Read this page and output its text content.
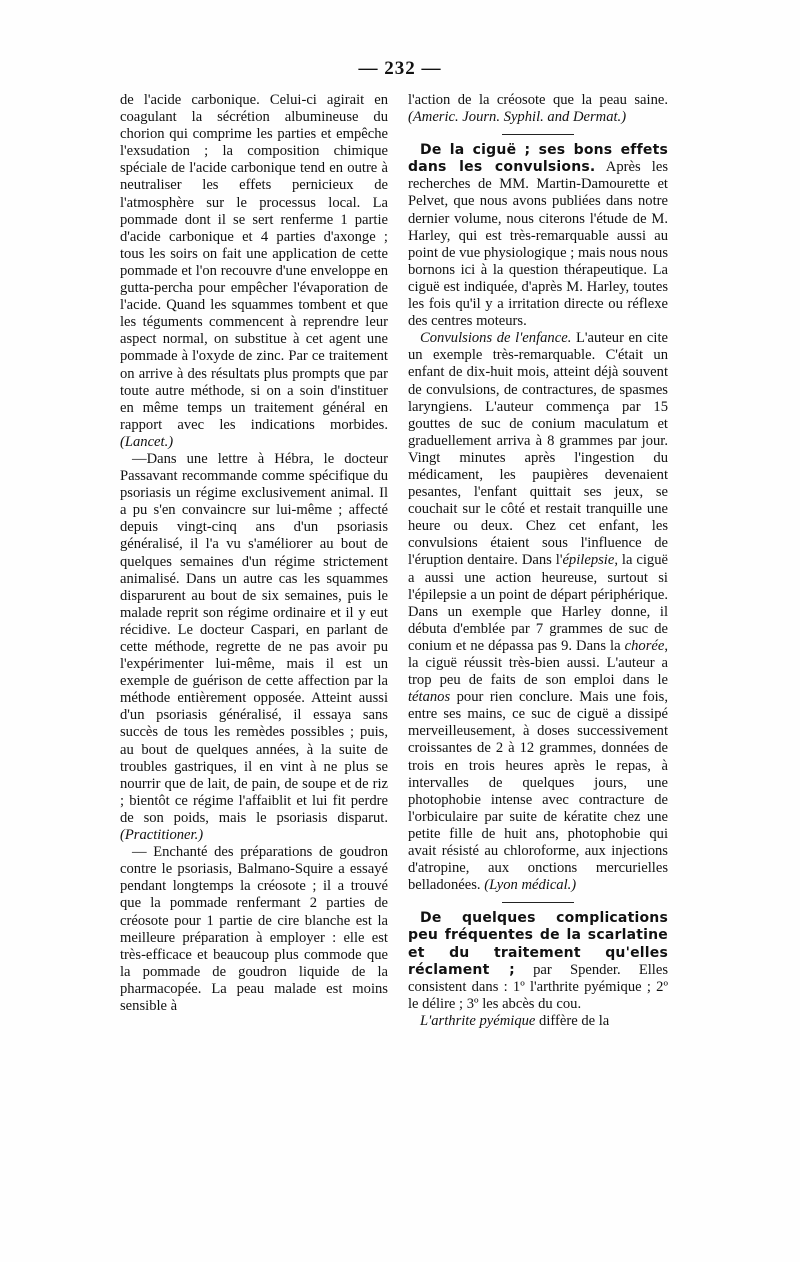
— 232 —

de l'acide carbonique. Celui-ci agirait en coagulant la sécrétion albumineuse du chorion qui comprime les parties et empêche l'exsudation ; la composition chimique spéciale de l'acide carbonique tend en outre à neutraliser les effets pernicieux de l'atmosphère sur le processus local. La pommade dont il se sert renferme 1 partie d'acide carbonique et 4 parties d'axonge ; tous les soirs on fait une application de cette pommade et l'on recouvre d'une enveloppe en gutta-percha pour empêcher l'évaporation de l'acide. Quand les squammes tombent et que les téguments commencent à reprendre leur aspect normal, on substitue à cet agent une pommade à l'oxyde de zinc. Par ce traitement on arrive à des résultats plus prompts que par toute autre méthode, si on a soin d'instituer en même temps un traitement général en rapport avec les indications morbides. (Lancet.)

—Dans une lettre à Hébra, le docteur Passavant recommande comme spécifique du psoriasis un régime exclusivement animal. Il a pu s'en convaincre sur lui-même ; affecté depuis vingt-cinq ans d'un psoriasis généralisé, il l'a vu s'améliorer au bout de quelques semaines d'un régime strictement animalisé. Dans un autre cas les squammes disparurent au bout de six semaines, puis le malade reprit son régime ordinaire et il y eut récidive. Le docteur Caspari, en parlant de cette méthode, regrette de ne pas avoir pu l'expérimenter lui-même, mais il est un exemple de guérison de cette affection par la méthode entièrement opposée. Atteint aussi d'un psoriasis généralisé, il essaya sans succès de tous les remèdes possibles ; puis, au bout de quelques années, à la suite de troubles gastriques, il en vint à ne plus se nourrir que de lait, de pain, de soupe et de riz ; bientôt ce régime l'affaiblit et lui fit perdre de son poids, mais le psoriasis disparut. (Practitioner.)

— Enchanté des préparations de goudron contre le psoriasis, Balmano-Squire a essayé pendant longtemps la créosote ; il a trouvé que la pommade renfermant 2 parties de créosote pour 1 partie de cire blanche est la meilleure préparation à employer : elle est très-efficace et beaucoup plus commode que la pommade de goudron liquide de la pharmacopée. La peau malade est moins sensible à

l'action de la créosote que la peau saine. (Americ. Journ. Syphil. and Dermat.)

De la ciguë ; ses bons effets dans les convulsions. Après les recherches de MM. Martin-Damourette et Pelvet, que nous avons publiées dans notre dernier volume, nous citerons l'étude de M. Harley, qui est très-remarquable aussi au point de vue physiologique ; mais nous nous bornons ici à la question thérapeutique. La ciguë est indiquée, d'après M. Harley, toutes les fois qu'il y a irritation directe ou réflexe des centres moteurs.

Convulsions de l'enfance. L'auteur en cite un exemple très-remarquable. C'était un enfant de dix-huit mois, atteint déjà souvent de convulsions, de contractures, de spasmes laryngiens. L'auteur commença par 15 gouttes de suc de conium maculatum et graduellement arriva à 8 grammes par jour. Vingt minutes après l'ingestion du médicament, les paupières devenaient pesantes, l'enfant quittait ses jeux, se couchait sur le côté et restait tranquille une heure ou deux. Chez cet enfant, les convulsions étaient sous l'influence de l'éruption dentaire. Dans l'épilepsie, la ciguë a aussi une action heureuse, surtout si l'épilepsie a un point de départ périphérique. Dans un exemple que Harley donne, il débuta d'emblée par 7 grammes de suc de conium et ne dépassa pas 9. Dans la chorée, la ciguë réussit très-bien aussi. L'auteur a trop peu de faits de son emploi dans le tétanos pour rien conclure. Mais une fois, entre ses mains, ce suc de ciguë a dissipé merveilleusement, à doses successivement croissantes de 2 à 12 grammes, données de trois en trois heures après le repas, à intervalles de quelques jours, une photophobie intense avec contracture de l'orbiculaire par suite de kératite chez une petite fille de huit ans, photophobie qui avait résisté au chloroforme, aux injections d'atropine, aux onctions mercurielles belladonées. (Lyon médical.)

De quelques complications peu fréquentes de la scarlatine et du traitement qu'elles réclament ; par Spender. Elles consistent dans : 1º l'arthrite pyémique ; 2º le délire ; 3º les abcès du cou.

L'arthrite pyémique diffère de la
